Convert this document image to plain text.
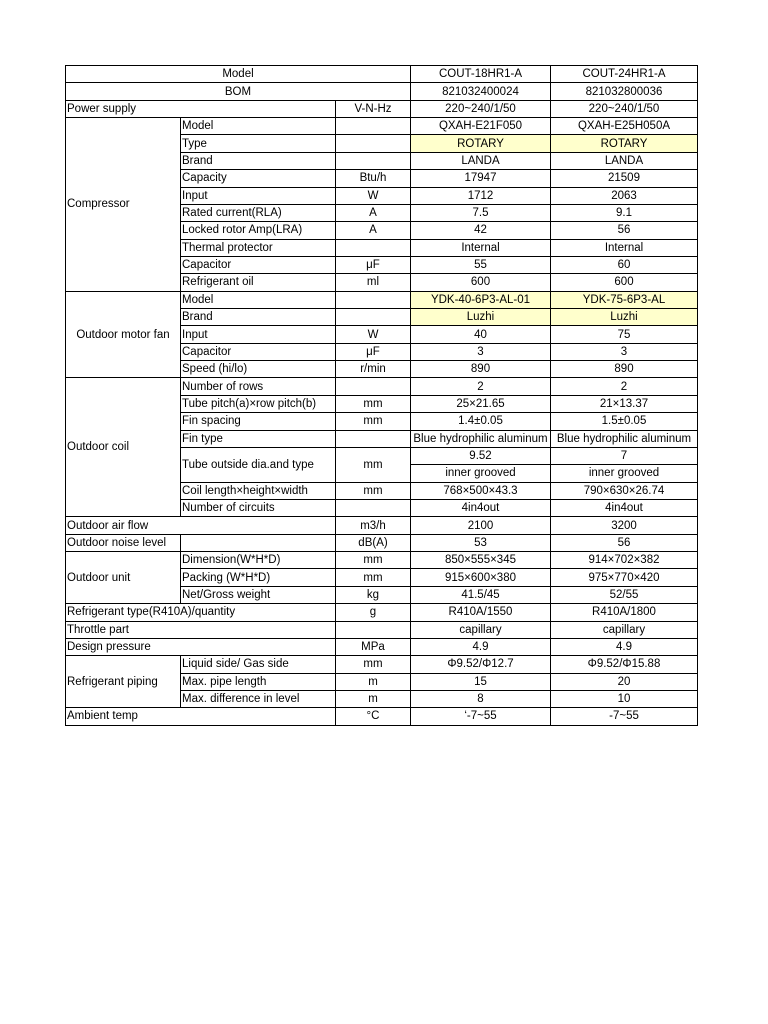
Model			COUT-18HR1-A	COUT-24HR1-A
BOM			821032400024	821032800036
Power supply		V-N-Hz	220~240/1/50	220~240/1/50
Compressor	Model		QXAH-E21F050	QXAH-E25H050A
	Type		ROTARY	ROTARY
	Brand		LANDA	LANDA
	Capacity	Btu/h	17947	21509
	Input	W	1712	2063
	Rated current(RLA)	A	7.5	9.1
	Locked rotor Amp(LRA)	A	42	56
	Thermal protector		Internal	Internal
	Capacitor	μF	55	60
	Refrigerant oil	ml	600	600
Outdoor motor fan	Model		YDK-40-6P3-AL-01	YDK-75-6P3-AL
	Brand		Luzhi	Luzhi
	Input	W	40	75
	Capacitor	μF	3	3
	Speed (hi/lo)	r/min	890	890
Outdoor coil	Number of rows		2	2
	Tube pitch(a)×row pitch(b)	mm	25×21.65	21×13.37
	Fin spacing	mm	1.4±0.05	1.5±0.05
	Fin type		Blue hydrophilic aluminum	Blue hydrophilic aluminum
	Tube outside dia.and type	mm	9.52	7
			inner grooved	inner grooved
	Coil length×height×width	mm	768×500×43.3	790×630×26.74
	Number of circuits		4in4out	4in4out
Outdoor air flow		m3/h	2100	3200
Outdoor noise level		dB(A)	53	56
Outdoor unit	Dimension(W*H*D)	mm	850×555×345	914×702×382
	Packing (W*H*D)	mm	915×600×380	975×770×420
	Net/Gross weight	kg	41.5/45	52/55
Refrigerant type(R410A)/quantity		g	R410A/1550	R410A/1800
Throttle part			capillary	capillary
Design pressure		MPa	4.9	4.9
Refrigerant piping	Liquid side/ Gas side	mm	Φ9.52/Φ12.7	Φ9.52/Φ15.88
	Max. pipe length	m	15	20
	Max. difference in level	m	8	10
Ambient temp		°C	‘-7~55	-7~55
